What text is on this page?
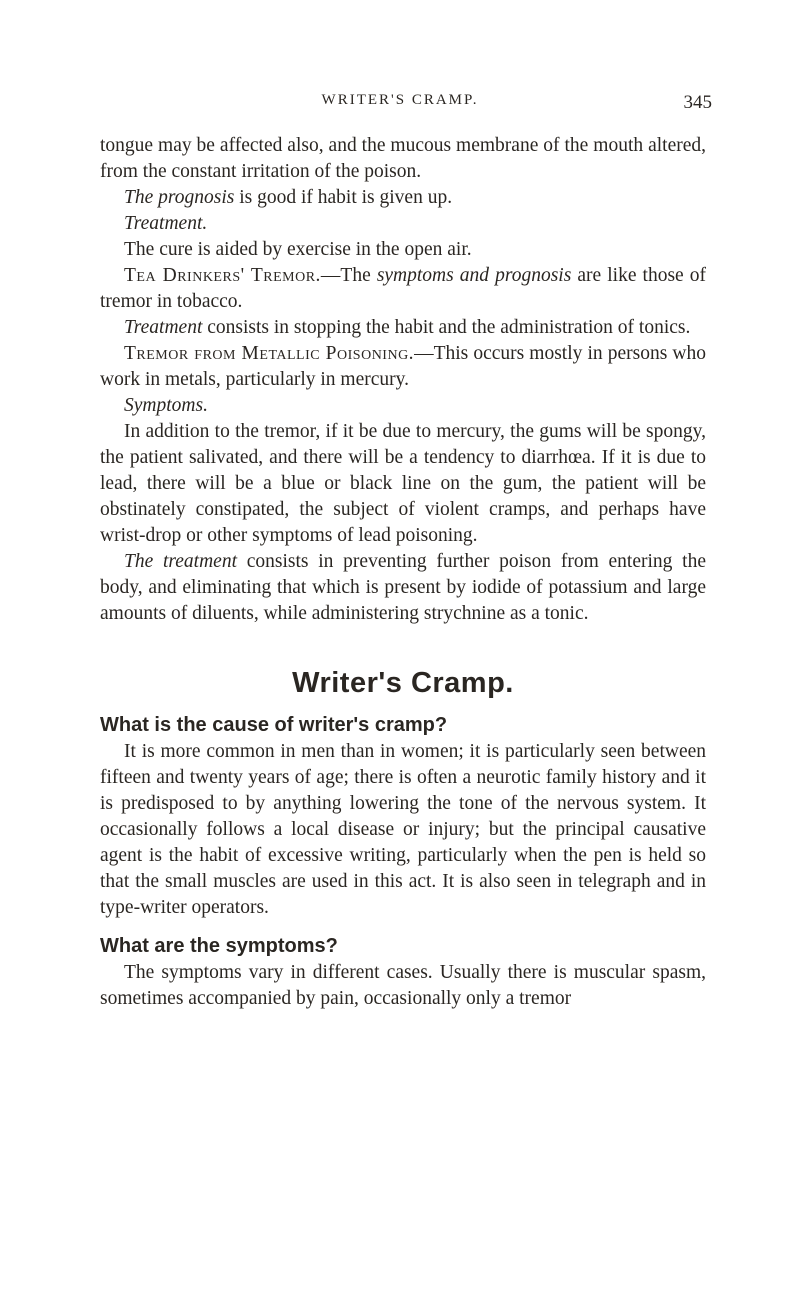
WRITER'S CRAMP.	345

tongue may be affected also, and the mucous membrane of the mouth altered, from the constant irritation of the poison.

The prognosis is good if habit is given up.

Treatment.

The cure is aided by exercise in the open air.

Tea Drinkers' Tremor.—The symptoms and prognosis are like those of tremor in tobacco.

Treatment consists in stopping the habit and the administration of tonics.

Tremor from Metallic Poisoning.—This occurs mostly in persons who work in metals, particularly in mercury.

Symptoms.

In addition to the tremor, if it be due to mercury, the gums will be spongy, the patient salivated, and there will be a tendency to diarrhœa. If it is due to lead, there will be a blue or black line on the gum, the patient will be obstinately constipated, the subject of violent cramps, and perhaps have wrist-drop or other symptoms of lead poisoning.

The treatment consists in preventing further poison from entering the body, and eliminating that which is present by iodide of potassium and large amounts of diluents, while administering strychnine as a tonic.

Writer's Cramp.
What is the cause of writer's cramp?

It is more common in men than in women; it is particularly seen between fifteen and twenty years of age; there is often a neurotic family history and it is predisposed to by anything lowering the tone of the nervous system. It occasionally follows a local disease or injury; but the principal causative agent is the habit of excessive writing, particularly when the pen is held so that the small muscles are used in this act. It is also seen in telegraph and in type-writer operators.

What are the symptoms?

The symptoms vary in different cases. Usually there is muscular spasm, sometimes accompanied by pain, occasionally only a tremor
